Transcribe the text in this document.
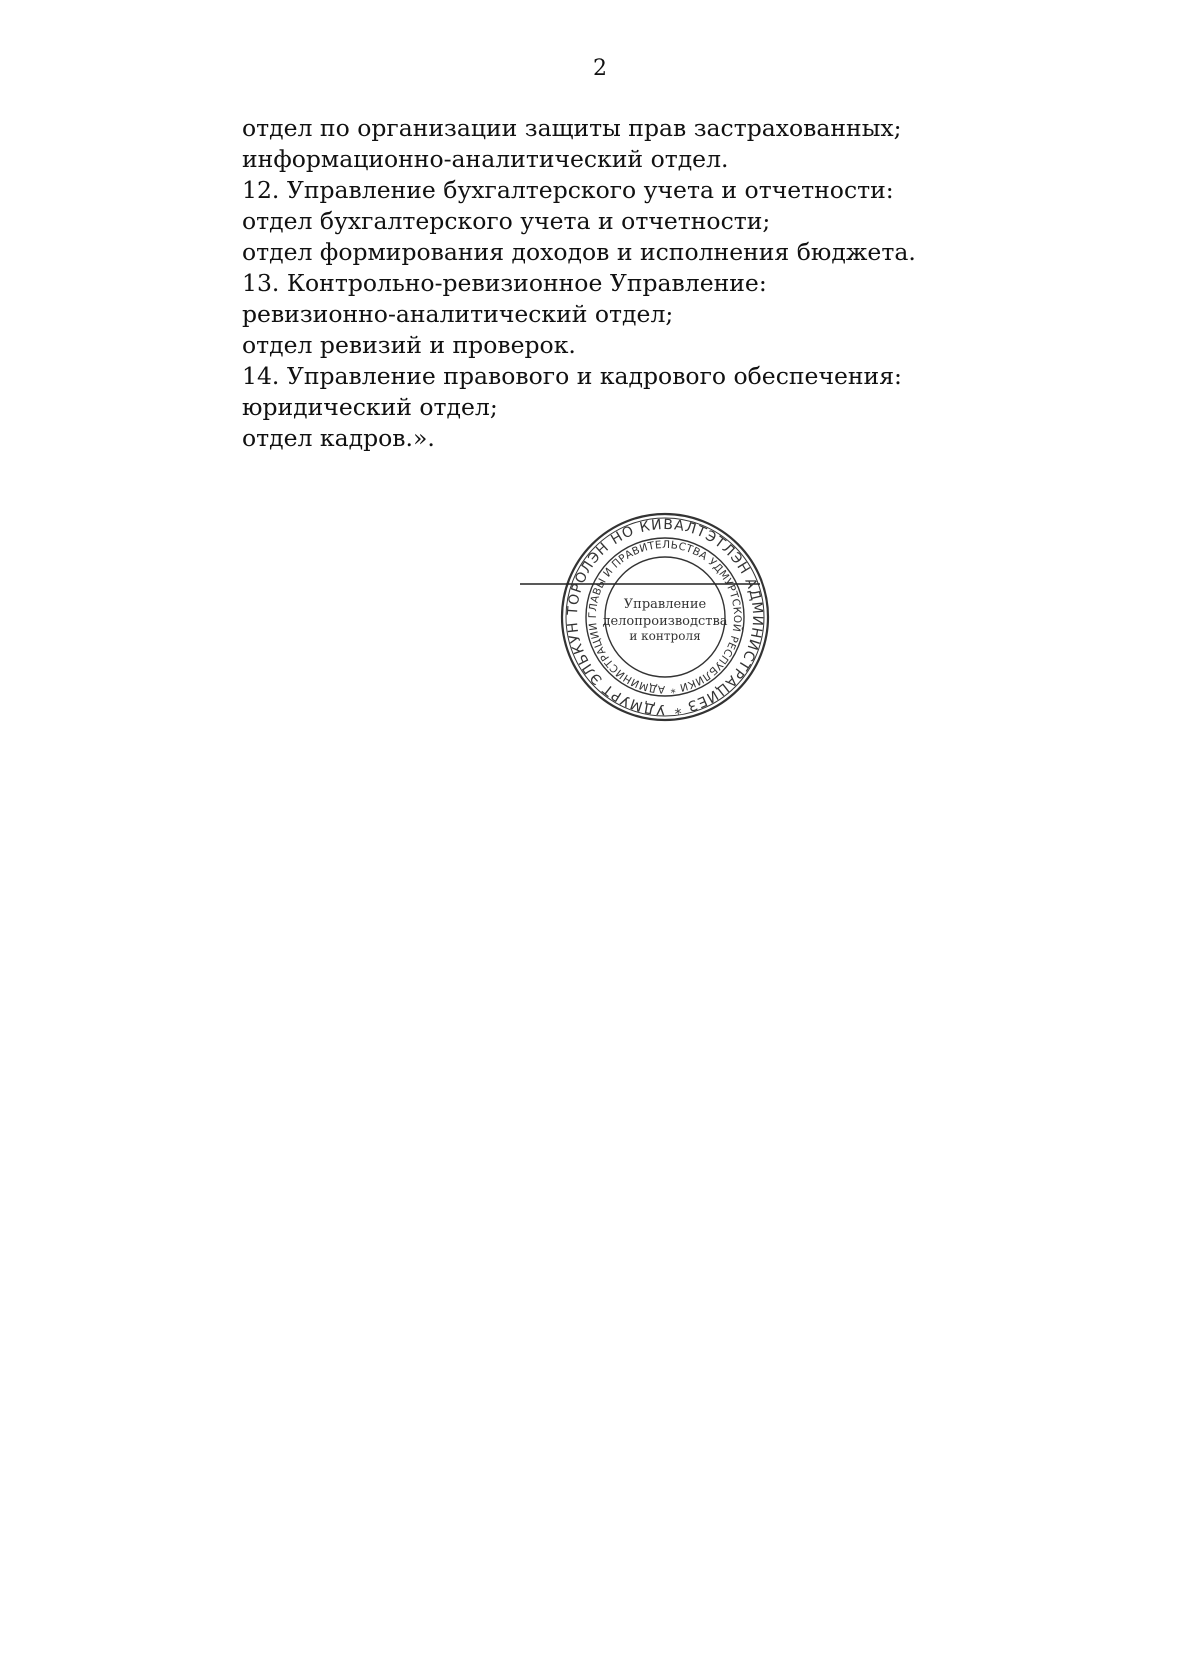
2
отдел по организации защиты прав застрахованных;
информационно-аналитический отдел.
12. Управление бухгалтерского учета и отчетности:
отдел бухгалтерского учета и отчетности;
отдел формирования доходов и исполнения бюджета.
13. Контрольно-ревизионное Управление:
ревизионно-аналитический отдел;
отдел ревизий и проверок.
14. Управление правового и кадрового обеспечения:
юридический отдел;
отдел кадров.».
УДМУРТ ЭЛЬКУН ТОРОЛЭН НО КИВАЛТЭТЛЭН АДМИНИСТРАЦИЕЗ *
АДМИНИСТРАЦИИ ГЛАВЫ И ПРАВИТЕЛЬСТВА УДМУРТСКОЙ РЕСПУБЛИКИ *
Управление
делопроизводства
и контроля
